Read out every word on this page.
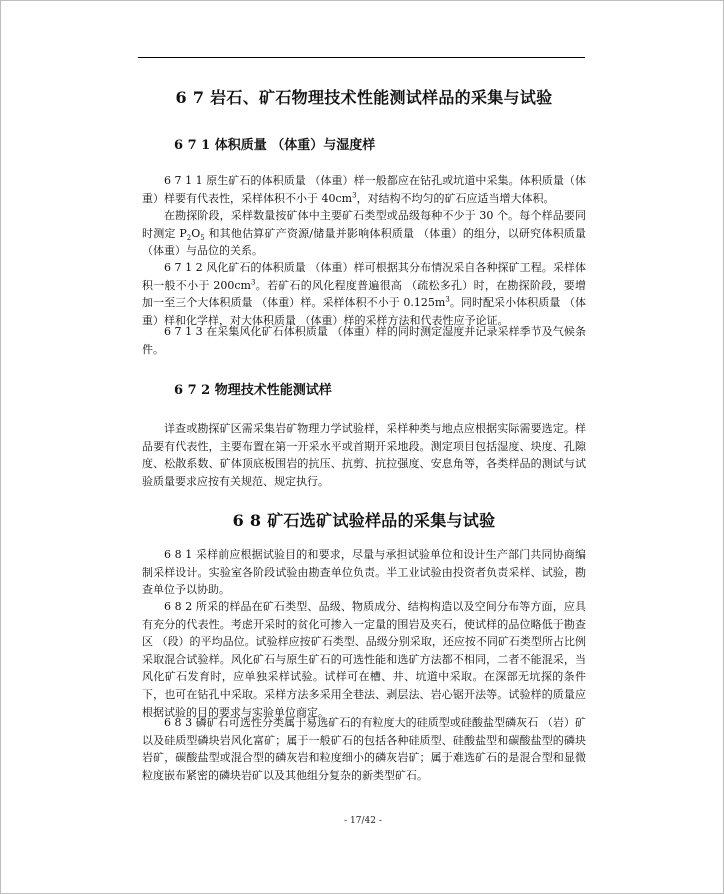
6 7 岩石、矿石物理技术性能测试样品的采集与试验
6 7 1 体积质量 （体重）与湿度样

6 7 1 1 原生矿石的体积质量 （体重）样一般都应在钻孔或坑道中采集。体积质量（体重）样要有代表性，采样体积不小于 $40cm^3$，对结构不均匀的矿石应适当增大体积。

在勘探阶段，采样数量按矿体中主要矿石类型或品级每种不少于 30 个。每个样品要同时测定 $P_2O_5$ 和其他估算矿产资源/储量并影响体积质量 （体重）的组分，以研究体积质量（体重）与品位的关系。

6 7 1 2 风化矿石的体积质量 （体重）样可根据其分布情况采自各种探矿工程。采样体积一般不小于 $200cm^3$。若矿石的风化程度普遍很高 （疏松多孔）时，在勘探阶段，要增加一至三个大体积质量 （体重）样。采样体积不小于 $0.125m^3$。同时配采小体积质量 （体重）样和化学样，对大体积质量 （体重）样的采样方法和代表性应予论证。

6 7 1 3 在采集风化矿石体积质量 （体重）样的同时测定湿度并记录采样季节及气候条件。

6 7 2 物理技术性能测试样

详查或勘探矿区需采集岩矿物理力学试验样，采样种类与地点应根据实际需要选定。样品要有代表性，主要布置在第一开采水平或首期开采地段。测定项目包括湿度、块度、孔隙度、松散系数、矿体顶底板围岩的抗压、抗剪、抗拉强度、安息角等，各类样品的测试与试验质量要求应按有关规范、规定执行。

6 8 矿石选矿试验样品的采集与试验

6 8 1 采样前应根据试验目的和要求，尽量与承担试验单位和设计生产部门共同协商编制采样设计。实验室各阶段试验由勘查单位负责。半工业试验由投资者负责采样、试验，勘查单位予以协助。

6 8 2 所采的样品在矿石类型、品级、物质成分、结构构造以及空间分布等方面，应具有充分的代表性。考虑开采时的贫化可掺入一定量的围岩及夹石，使试样的品位略低于勘查区 （段）的平均品位。试验样应按矿石类型、品级分别采取，还应按不同矿石类型所占比例采取混合试验样。风化矿石与原生矿石的可选性能和选矿方法都不相同，二者不能混采，当风化矿石发育时，应单独采样试验。试样可在槽、井、坑道中采取。在深部无坑探的条件下，也可在钻孔中采取。采样方法多采用全巷法、剥层法、岩心锯开法等。试验样的质量应根据试验的目的要求与实验单位商定。

6 8 3 磷矿石可选性分类属于易选矿石的有粒度大的硅质型或硅酸盐型磷灰石 （岩）矿以及硅质型磷块岩风化富矿；属于一般矿石的包括各种硅质型、硅酸盐型和碳酸盐型的磷块岩矿，碳酸盐型或混合型的磷灰岩和粒度细小的磷灰岩矿；属于难选矿石的是混合型和显微粒度嵌布紧密的磷块岩矿以及其他组分复杂的新类型矿石。

- 17/42 -
